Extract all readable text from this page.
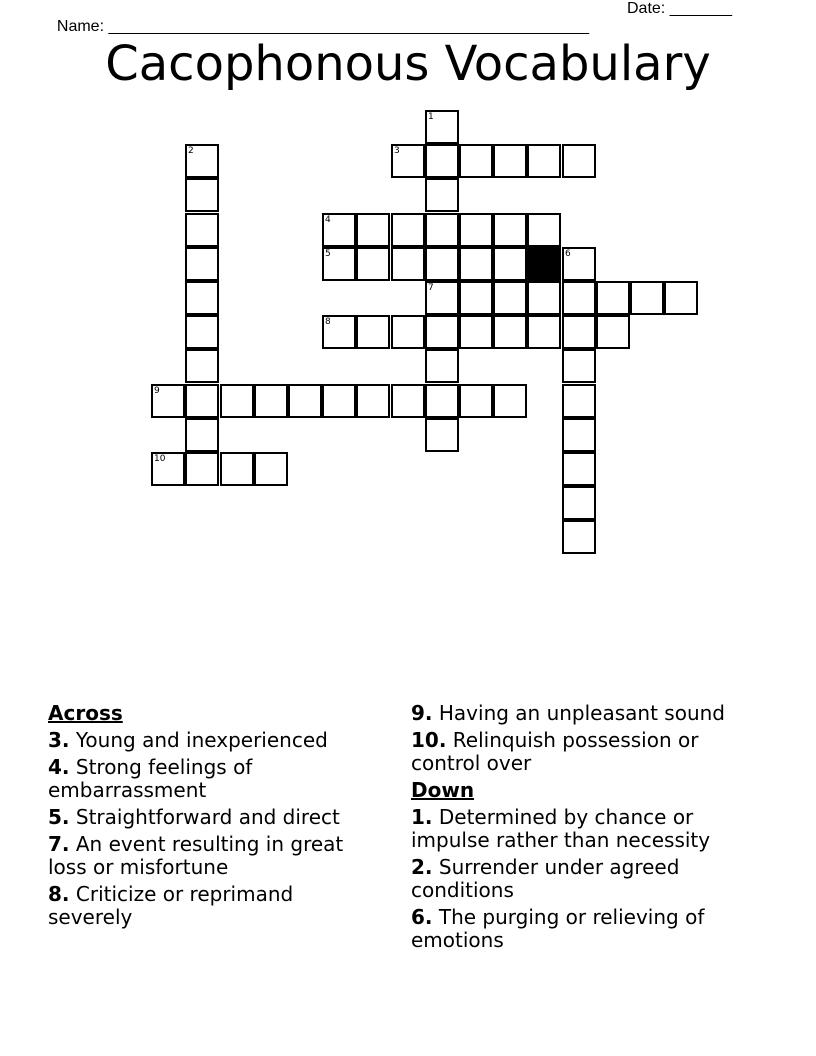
Name: ______________________________________________________

Date: _______

Cacophonous Vocabulary
1
7
2	3
4
5	6
8
9
10
Across
3. Young and inexperienced
4. Strong feelings of embarrassment
5. Straightforward and direct
7. An event resulting in great loss or misfortune
8. Criticize or reprimand severely
9. Having an unpleasant sound
10. Relinquish possession or control over
Down
1. Determined by chance or impulse rather than necessity
2. Surrender under agreed conditions
6. The purging or relieving of emotions
